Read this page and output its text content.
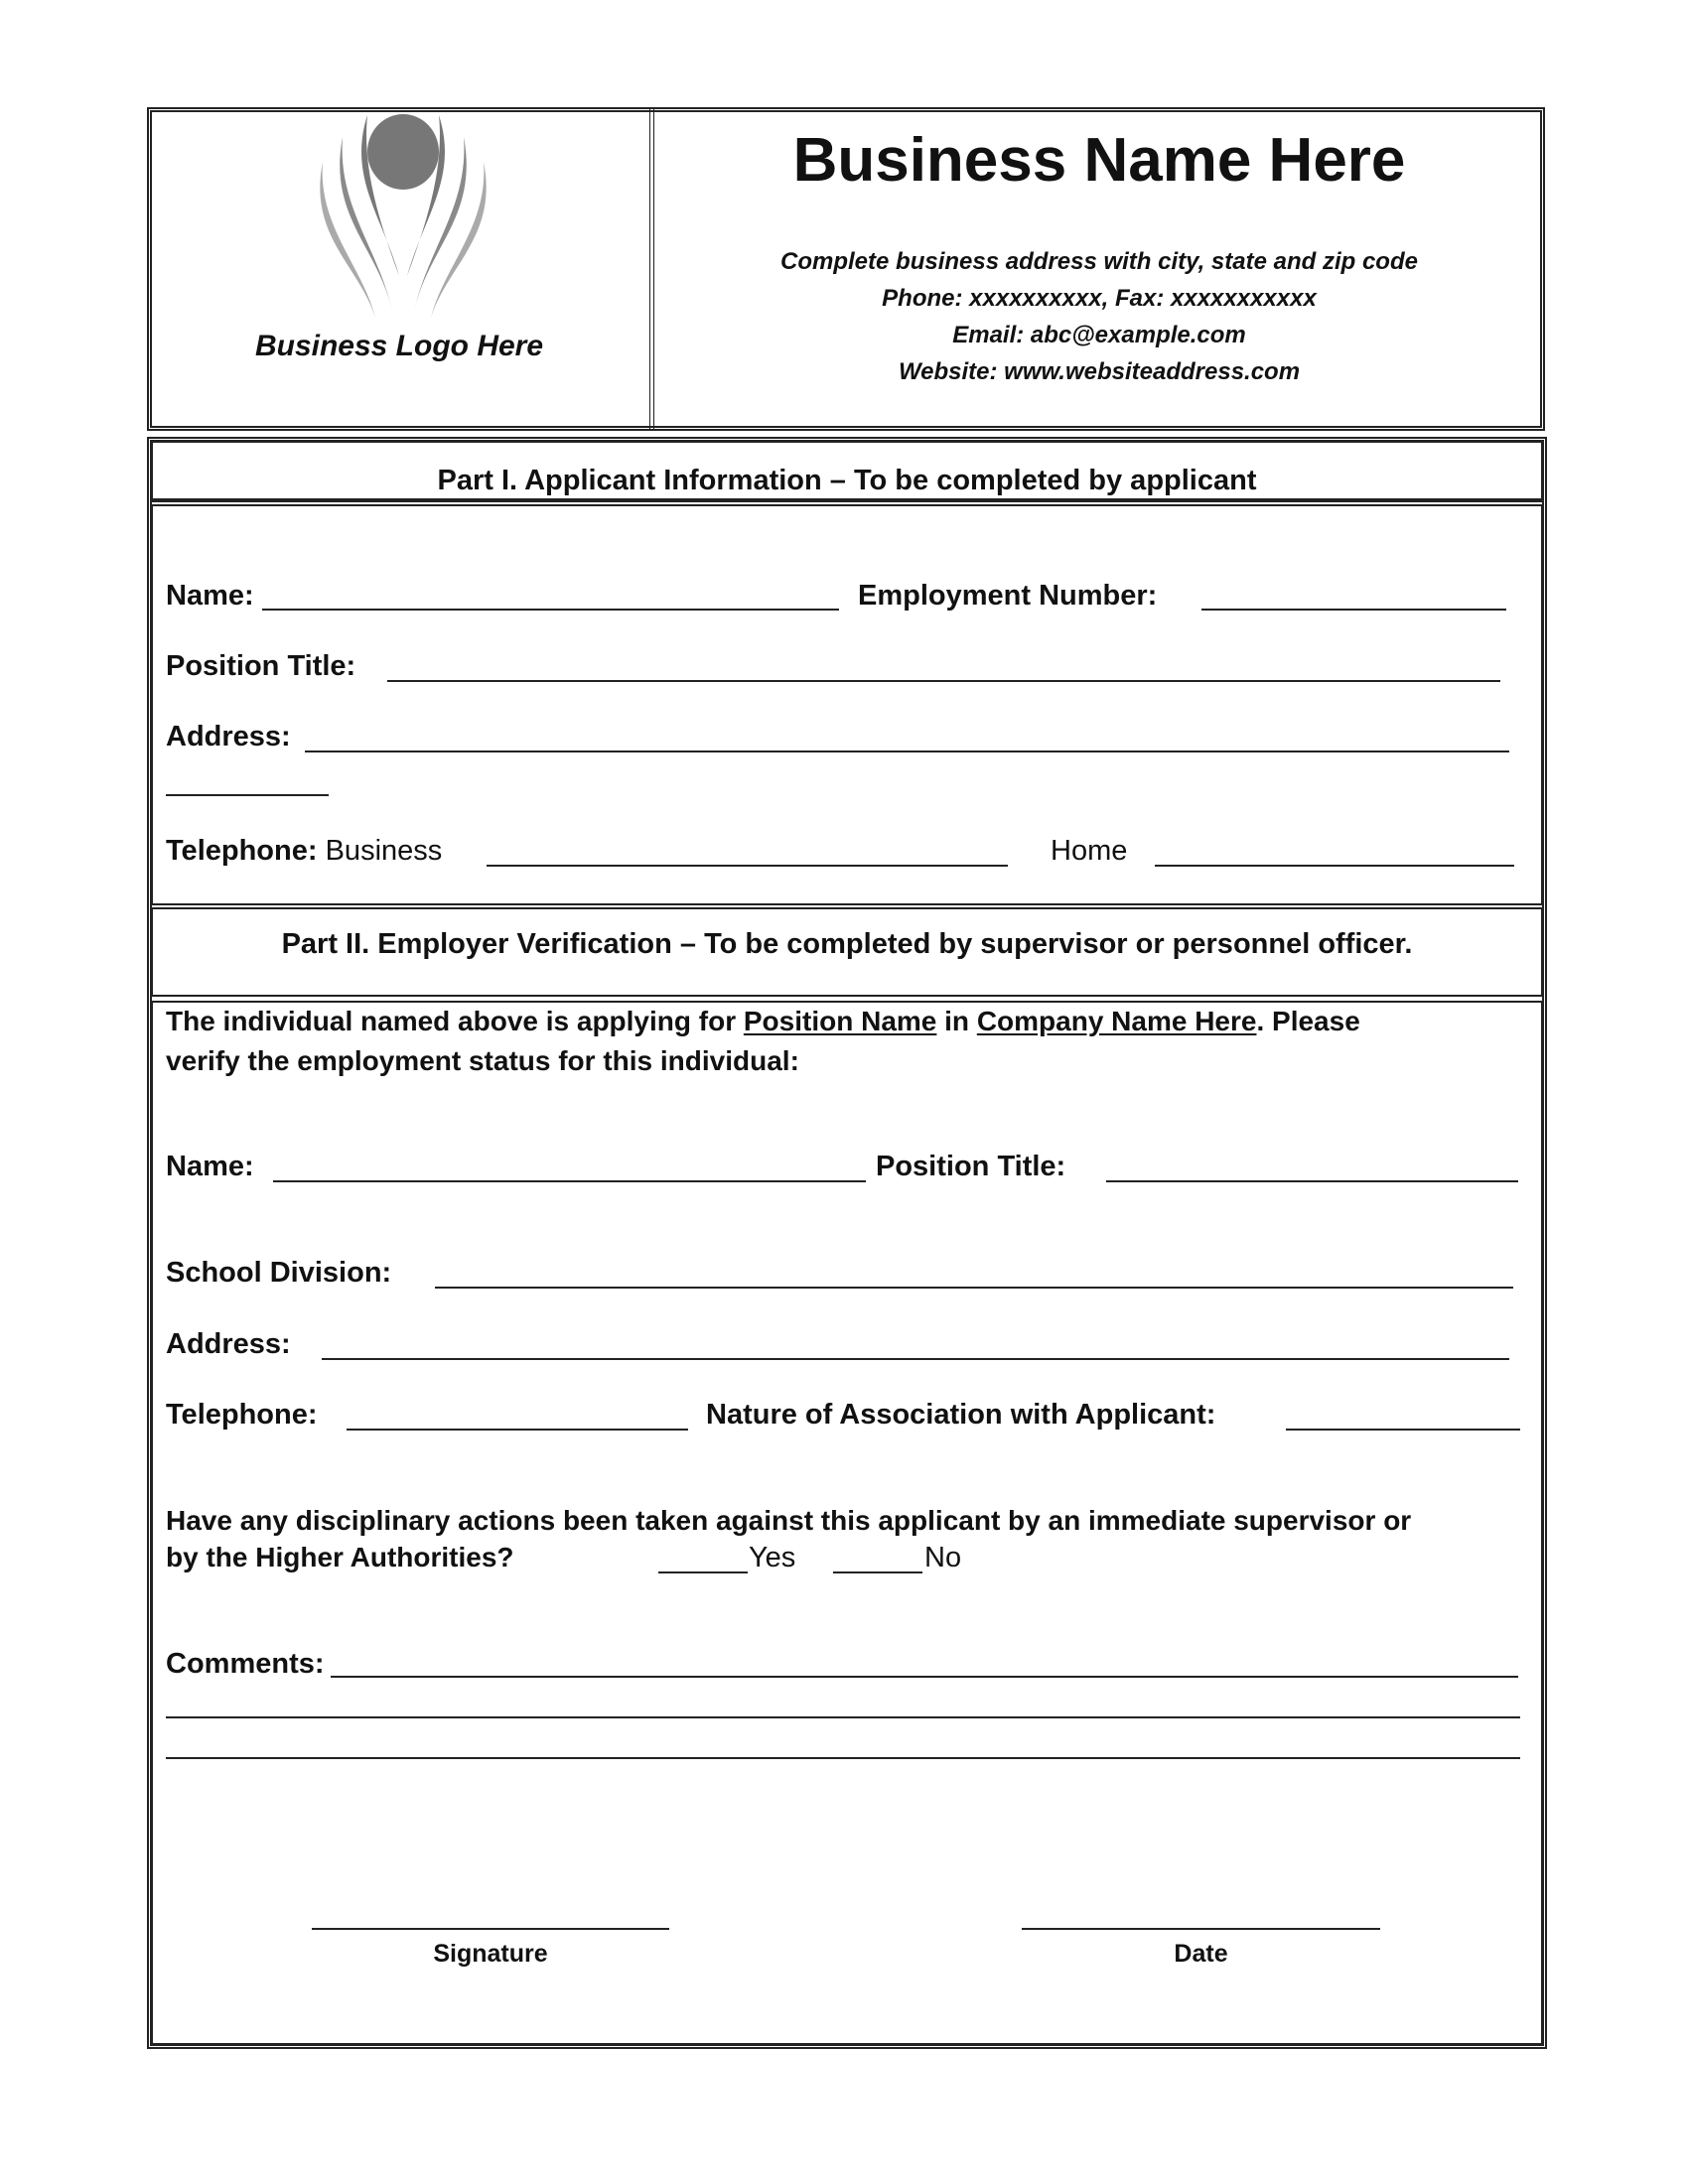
Business Logo Here
Business Name Here
Complete business address with city, state and zip code
Phone: xxxxxxxxxx, Fax: xxxxxxxxxxx
Email: abc@example.com
Website: www.websiteaddress.com
Part I. Applicant Information – To be completed by applicant
Name:	Employment Number:
Position Title:
Address:
Telephone: Business	Home
Part II. Employer Verification – To be completed by supervisor or personnel officer.
The individual named above is applying for Position Name in Company Name Here. Please
verify the employment status for this individual:
Name:	Position Title:
School Division:
Address:
Telephone:	Nature of Association with Applicant:
Have any disciplinary actions been taken against this applicant by an immediate supervisor or
by the Higher Authorities?	Yes	No
Comments:
Signature	Date
